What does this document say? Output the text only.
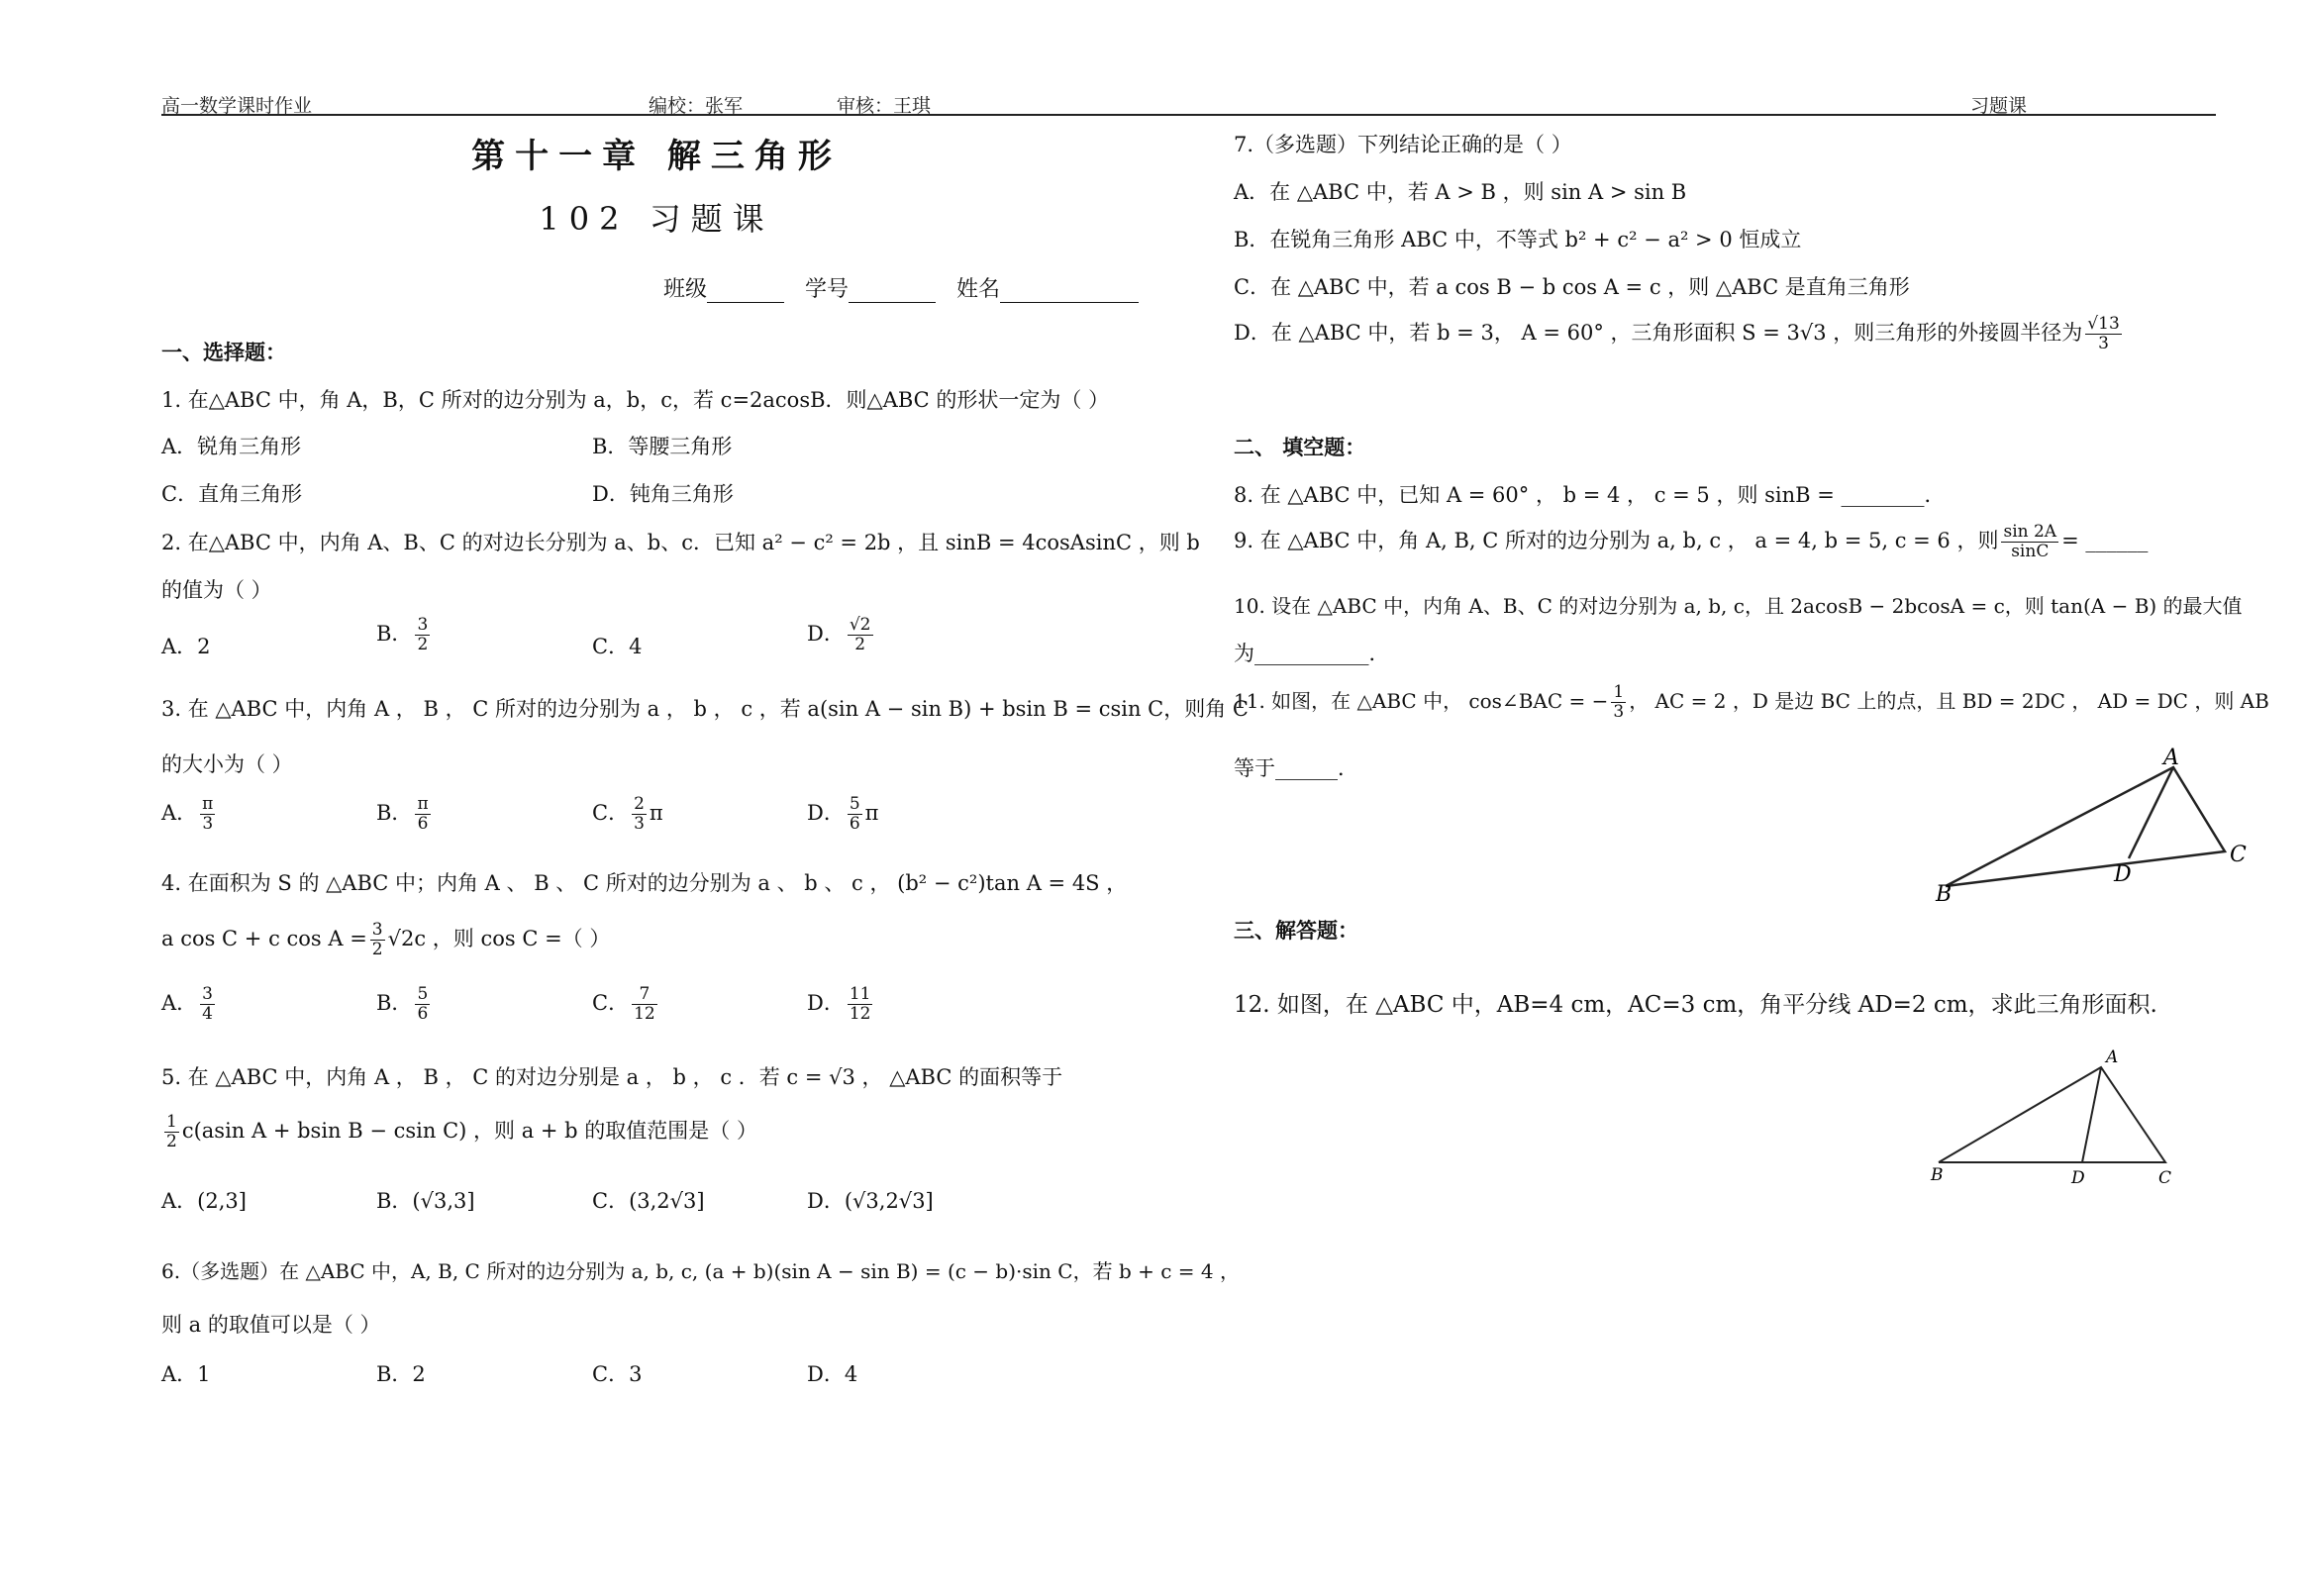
高一数学课时作业	编校：张军	审核：王琪	习题课
第十一章 解三角形
102 习题课
班级	学号	姓名
一、选择题：
1. 在△ABC 中，角 A，B，C 所对的边分别为 a，b，c，若 c=2acosB．则△ABC 的形状一定为（ ）
A．锐角三角形	B．等腰三角形
C．直角三角形	D．钝角三角形
2. 在△ABC 中，内角 A、B、C 的对边长分别为 a、b、c．已知 a² − c² = 2b ，且 sinB = 4cosAsinC ，则 b
的值为（ ）
A．2
B． $\frac{3}{2}$	C．4
D． $\frac{√2}{2}$
3. 在 △ABC 中，内角 A ， B ， C 所对的边分别为 a ， b ， c ，若 a(sin A − sin B) + bsin B = csin C，则角 C
的大小为（ ）
A． $\frac{\pi}{3}$	B． $\frac{\pi}{6}$	C． $\frac{2}{3}$ π	D． $\frac{5}{6}$ π
4. 在面积为 S 的 △ABC 中；内角 A 、 B 、 C 所对的边分别为 a 、 b 、 c ， (b² − c²)tan A = 4S ，
a cos C + c $\cos A = \frac{3}{2} √2c$ ，则 cos C =（ ）
A． $\frac{3}{4}$	B． $\frac{5}{6}$	C． $\frac{7}{12}$	D． $\frac{11}{12}$
5. 在 △ABC 中，内角 A ， B ， C 的对边分别是 a ， b ， c ．若 c = √3 ， △ABC 的面积等于
$\frac{1}{2} c(asin$ A + bsin B − csin C) ，则 a + b 的取值范围是（ ）
A．(2,3]	B．(√3,3]	C．(3,2√3]	D．(√3,2√3]
6.（多选题）在 △ABC 中，A, B, C 所对的边分别为 a, b, c, (a + b)(sin A − sin B) = (c − b)·sin C，若 b + c = 4 ，
则 a 的取值可以是（ ）
A．1	B．2	C．3	D．4
7.（多选题）下列结论正确的是（ ）
A．在 △ABC 中，若 A > B ，则 sin A > sin B
B．在锐角三角形 ABC 中，不等式 b² + c² − a² > 0 恒成立
C．在 △ABC 中，若 a cos B − b cos A = c ，则 △ABC 是直角三角形
D．在 △ABC 中，若 b = 3， A = 60° ，三角形面积 S = 3√3 ，则三角形的外接圆半径为 $\frac{√13}{3}$
二、 填空题：
8. 在 △ABC 中，已知 A = 60° ， b = 4 ， c = 5 ，则 sinB = ________．
9. 在 △ABC 中，角 A, B, C 所对的边分别为 a, b, c ， a = 4, b = 5, c = 6 ，则 $\frac{\sin 2A}{\sin C}$ = ______
10. 设在 △ABC 中，内角 A、B、C 的对边分别为 a, b, c，且 2acosB − 2bcosA = c，则 tan(A − B) 的最大值
为___________．
11. 如图，在 △ABC 中， cos∠BAC = − $\frac{1}{3}$ ， AC = 2 ，D 是边 BC 上的点，且 BD = 2DC ， AD = DC ，则 AB
等于______．	A
B
C
D
A
B	C
D
三、解答题：
12. 如图，在 △ABC 中，AB=4 cm，AC=3 cm，角平分线 AD=2 cm，求此三角形面积.
